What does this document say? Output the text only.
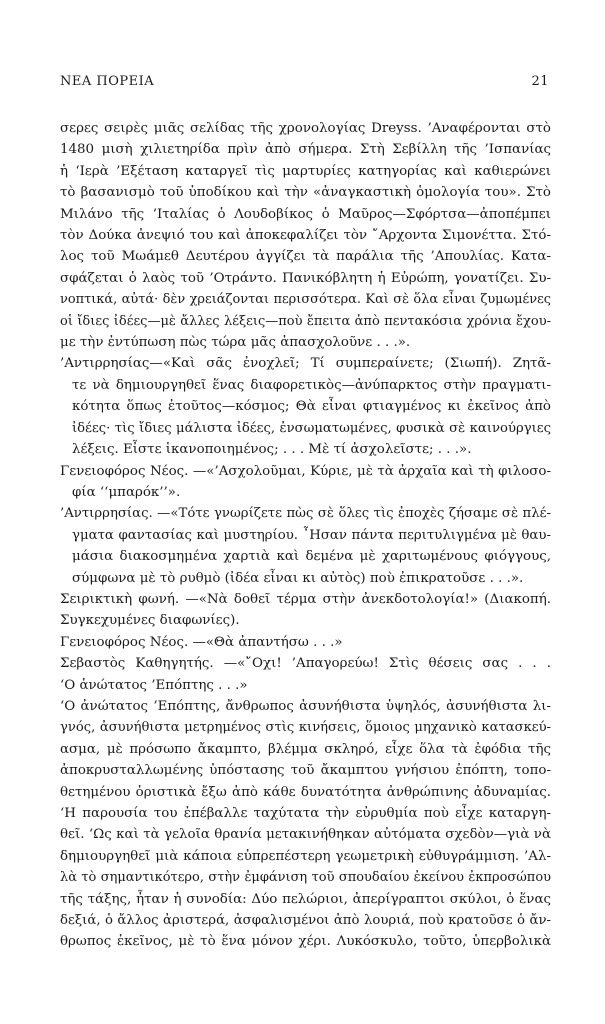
ΝΕΑ ΠΟΡΕΙΑ	21
σερες σειρὲς μιᾶς σελίδας τῆς χρονολογίας Dreyss. ’Αναφέρονται στὸ
1480 μισὴ χιλιετηρίδα πρὶν ἀπὸ σήμερα. Στὴ Σεβίλλη τῆς ’Ισπανίας
ἡ ‘Ιερὰ ’Εξέταση καταργεῖ τὶς μαρτυρίες κατηγορίας καὶ καθιερώνει
τὸ βασανισμὸ τοῦ ὑποδίκου καὶ τὴν «ἀναγκαστικὴ ὁμολογία του». Στὸ
Μιλάνο τῆς ’Ιταλίας ὁ Λουδοβίκος ὁ Μαῦρος—Σφόρτσα—ἀποπέμπει
τὸν Δούκα ἀνεψιό του καὶ ἀποκεφαλίζει τὸν ῎Αρχοντα Σιμονέττα. Στό-
λος τοῦ Μωάμεθ Δευτέρου ἀγγίζει τὰ παράλια τῆς ’Απουλίας. Κατα-
σφάζεται ὁ λαὸς τοῦ ’Οτράντο. Πανικόβλητη ἡ Εὐρώπη, γονατίζει. Συ-
νοπτικά, αὐτά· δὲν χρειάζονται περισσότερα. Καὶ σὲ ὅλα εἶναι ζυμωμένες
οἱ ἴδιες ἰδέες—μὲ ἄλλες λέξεις—ποὺ ἔπειτα ἀπὸ πεντακόσια χρόνια ἔχου-
με τὴν ἐντύπωση πὼς τώρα μᾶς ἀπασχολοῦνε . . .».
’Αντιρρησίας—«Καὶ σᾶς ἐνοχλεῖ; Τί συμπεραίνετε; (Σιωπή). Ζητᾶ-
τε νὰ δημιουργηθεῖ ἕνας διαφορετικὸς—ἀνύπαρκτος στὴν πραγματι-
κότητα ὅπως ἐτοῦτος—κόσμος; Θὰ εἶναι φτιαγμένος κι ἐκεῖνος ἀπὸ
ἰδέες· τὶς ἴδιες μάλιστα ἰδέες, ἐνσωματωμένες, φυσικὰ σὲ καινούργιες
λέξεις. Εἶστε ἱκανοποιημένος; . . . Μὲ τί ἀσχολεῖστε; . . .».
Γενειοφόρος Νέος. —«’Ασχολοῦμαι, Κύριε, μὲ τὰ ἀρχαῖα καὶ τὴ φιλοσο-
φία ‘‘μπαρόκ’’».
’Αντιρρησίας. —«Τότε γνωρίζετε πὼς σὲ ὅλες τὶς ἐποχὲς ζήσαμε σὲ πλέ-
γματα φαντασίας καὶ μυστηρίου. ῏Ησαν πάντα περιτυλιγμένα μὲ θαυ-
μάσια διακοσμημένα χαρτιὰ καὶ δεμένα μὲ χαριτωμένους φιόγγους,
σύμφωνα μὲ τὸ ρυθμὸ (ἰδέα εἶναι κι αὐτὸς) ποὺ ἐπικρατοῦσε . . .».
Σειρικτικὴ φωνή. —«Νὰ δοθεῖ τέρμα στὴν ἀνεκδοτολογία!» (Διακοπή.
Συγκεχυμένες διαφωνίες).
Γενειοφόρος Νέος. —«Θὰ ἀπαντήσω . . .»
Σεβαστὸς Καθηγητής. —«῎Οχι! ’Απαγορεύω! Στὶς θέσεις σας . . .
‘Ο ἀνώτατος ’Επόπτης . . .»
‘Ο ἀνώτατος ’Επόπτης, ἄνθρωπος ἀσυνήθιστα ὑψηλός, ἀσυνήθιστα λι-
γνός, ἀσυνήθιστα μετρημένος στὶς κινήσεις, ὅμοιος μηχανικὸ κατασκεύ-
ασμα, μὲ πρόσωπο ἄκαμπτο, βλέμμα σκληρό, εἶχε ὅλα τὰ ἐφόδια τῆς
ἀποκρυσταλλωμένης ὑπόστασης τοῦ ἄκαμπτου γνήσιου ἐπόπτη, τοπο-
θετημένου ὁριστικὰ ἔξω ἀπὸ κάθε δυνατότητα ἀνθρώπινης ἀδυναμίας.
‘Η παρουσία του ἐπέβαλλε ταχύτατα τὴν εὐρυθμία ποὺ εἶχε καταργη-
θεῖ. ‘Ως καὶ τὰ γελοῖα θρανία μετακινήθηκαν αὐτόματα σχεδὸν—γιὰ νὰ
δημιουργηθεῖ μιὰ κάποια εὐπρεπέστερη γεωμετρικὴ εὐθυγράμμιση. ’Αλ-
λὰ τὸ σημαντικότερο, στὴν ἐμφάνιση τοῦ σπουδαίου ἐκείνου ἐκπροσώπου
τῆς τάξης, ἦταν ἡ συνοδία: Δύο πελώριοι, ἀπερίγραπτοι σκύλοι, ὁ ἕνας
δεξιά, ὁ ἄλλος ἀριστερά, ἀσφαλισμένοι ἀπὸ λουριά, ποὺ κρατοῦσε ὁ ἄν-
θρωπος ἐκεῖνος, μὲ τὸ ἕνα μόνον χέρι. Λυκόσκυλο, τοῦτο, ὑπερβολικὰ
